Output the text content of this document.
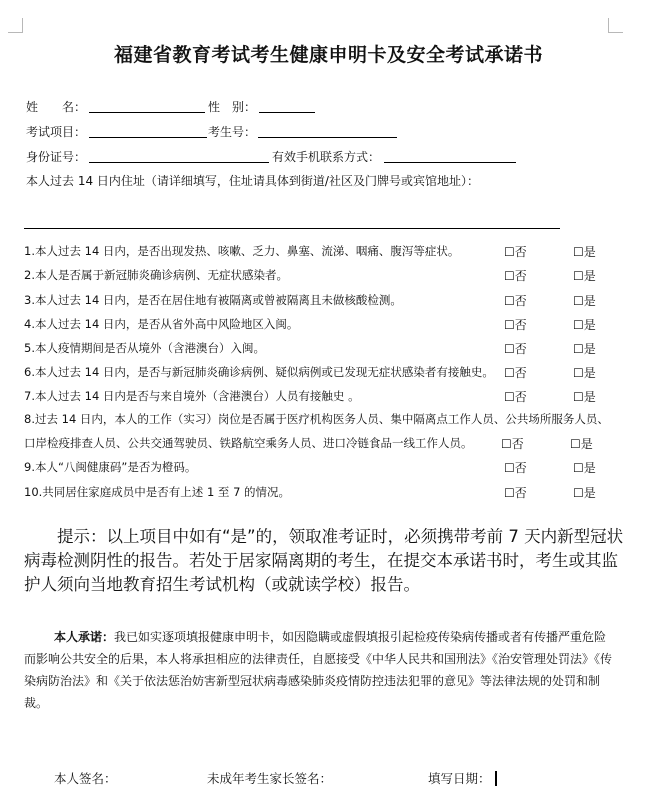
福建省教育考试考生健康申明卡及安全考试承诺书
姓　　名：	性　别：
考试项目：	考生号：
身份证号：	有效手机联系方式：
本人过去 14 日内住址（请详细填写，住址请具体到街道/社区及门牌号或宾馆地址）：
1.本人过去 14 日内，是否出现发热、咳嗽、乏力、鼻塞、流涕、咽痛、腹泻等症状。	☐否	☐是
2.本人是否属于新冠肺炎确诊病例、无症状感染者。	☐否	☐是
3.本人过去 14 日内，是否在居住地有被隔离或曾被隔离且未做核酸检测。	☐否	☐是
4.本人过去 14 日内，是否从省外高中风险地区入闽。	☐否	☐是
5.本人疫情期间是否从境外（含港澳台）入闽。	☐否	☐是
6.本人过去 14 日内，是否与新冠肺炎确诊病例、疑似病例或已发现无症状感染者有接触史。 ☐否	☐是
7.本人过去 14 日内是否与来自境外（含港澳台）人员有接触史 。	☐否	☐是
8.过去 14 日内，本人的工作（实习）岗位是否属于医疗机构医务人员、集中隔离点工作人员、公共场所服务人员、
口岸检疫排查人员、公共交通驾驶员、铁路航空乘务人员、进口冷链食品一线工作人员。 ☐否	☐是
9.本人“八闽健康码”是否为橙码。	☐否	☐是
10.共同居住家庭成员中是否有上述 1 至 7 的情况。	☐否	☐是

提示：以上项目中如有“是”的，领取准考证时，必须携带考前 7 天内新型冠状病毒检测阴性的报告。若处于居家隔离期的考生，在提交本承诺书时，考生或其监护人须向当地教育招生考试机构（或就读学校）报告。

本人承诺：我已如实逐项填报健康申明卡，如因隐瞒或虚假填报引起检疫传染病传播或者有传播严重危险而影响公共安全的后果，本人将承担相应的法律责任，自愿接受《中华人民共和国刑法》《治安管理处罚法》《传染病防治法》和《关于依法惩治妨害新型冠状病毒感染肺炎疫情防控违法犯罪的意见》等法律法规的处罚和制裁。

本人签名：	未成年考生家长签名：	填写日期：
